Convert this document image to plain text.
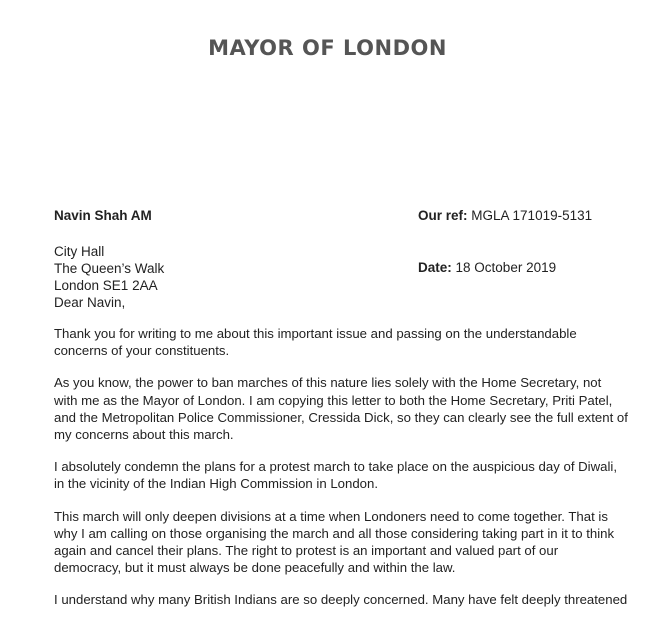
MAYOR OF LONDON
Navin Shah AM	Our ref: MGLA 171019-5131
City Hall
The Queen’s Walk
London SE1 2AA
Dear Navin,
Date: 18 October 2019

Thank you for writing to me about this important issue and passing on the understandable
concerns of your constituents.

As you know, the power to ban marches of this nature lies solely with the Home Secretary, not
with me as the Mayor of London. I am copying this letter to both the Home Secretary, Priti Patel,
and the Metropolitan Police Commissioner, Cressida Dick, so they can clearly see the full extent of
my concerns about this march.

I absolutely condemn the plans for a protest march to take place on the auspicious day of Diwali,
in the vicinity of the Indian High Commission in London.

This march will only deepen divisions at a time when Londoners need to come together. That is
why I am calling on those organising the march and all those considering taking part in it to think
again and cancel their plans. The right to protest is an important and valued part of our
democracy, but it must always be done peacefully and within the law.

I understand why many British Indians are so deeply concerned. Many have felt deeply threatened
